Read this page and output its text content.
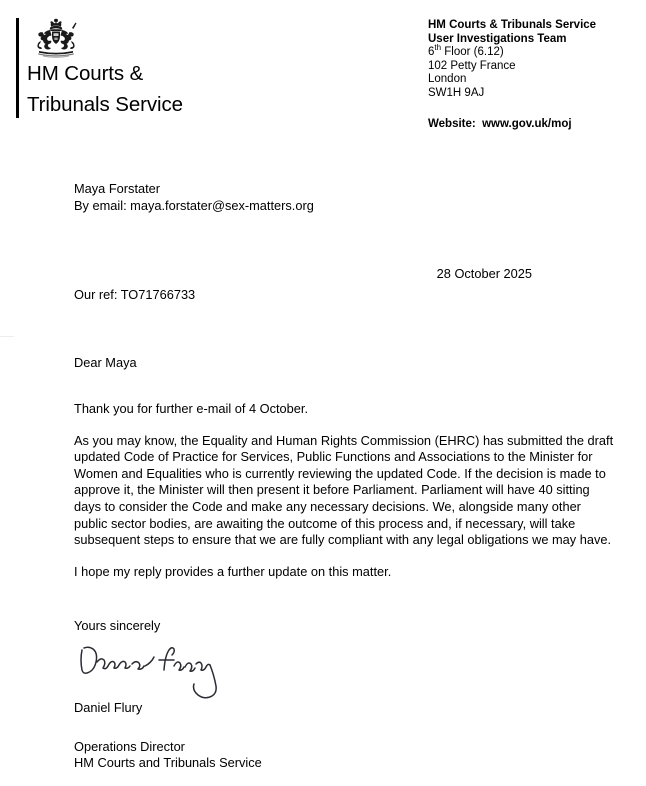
HM Courts &
Tribunals Service
HM Courts & Tribunals Service
User Investigations Team
6th Floor (6.12)
102 Petty France
London
SW1H 9AJ
Website: www.gov.uk/moj
Maya Forstater
By email: maya.forstater@sex-matters.org
28 October 2025
Our ref: TO71766733
Dear Maya

Thank you for further e-mail of 4 October.

As you may know, the Equality and Human Rights Commission (EHRC) has submitted the draft updated Code of Practice for Services, Public Functions and Associations to the Minister for Women and Equalities who is currently reviewing the updated Code. If the decision is made to approve it, the Minister will then present it before Parliament. Parliament will have 40 sitting days to consider the Code and make any necessary decisions. We, alongside many other public sector bodies, are awaiting the outcome of this process and, if necessary, will take subsequent steps to ensure that we are fully compliant with any legal obligations we may have.

I hope my reply provides a further update on this matter.

Yours sincerely
Daniel Flury
Operations Director
HM Courts and Tribunals Service
